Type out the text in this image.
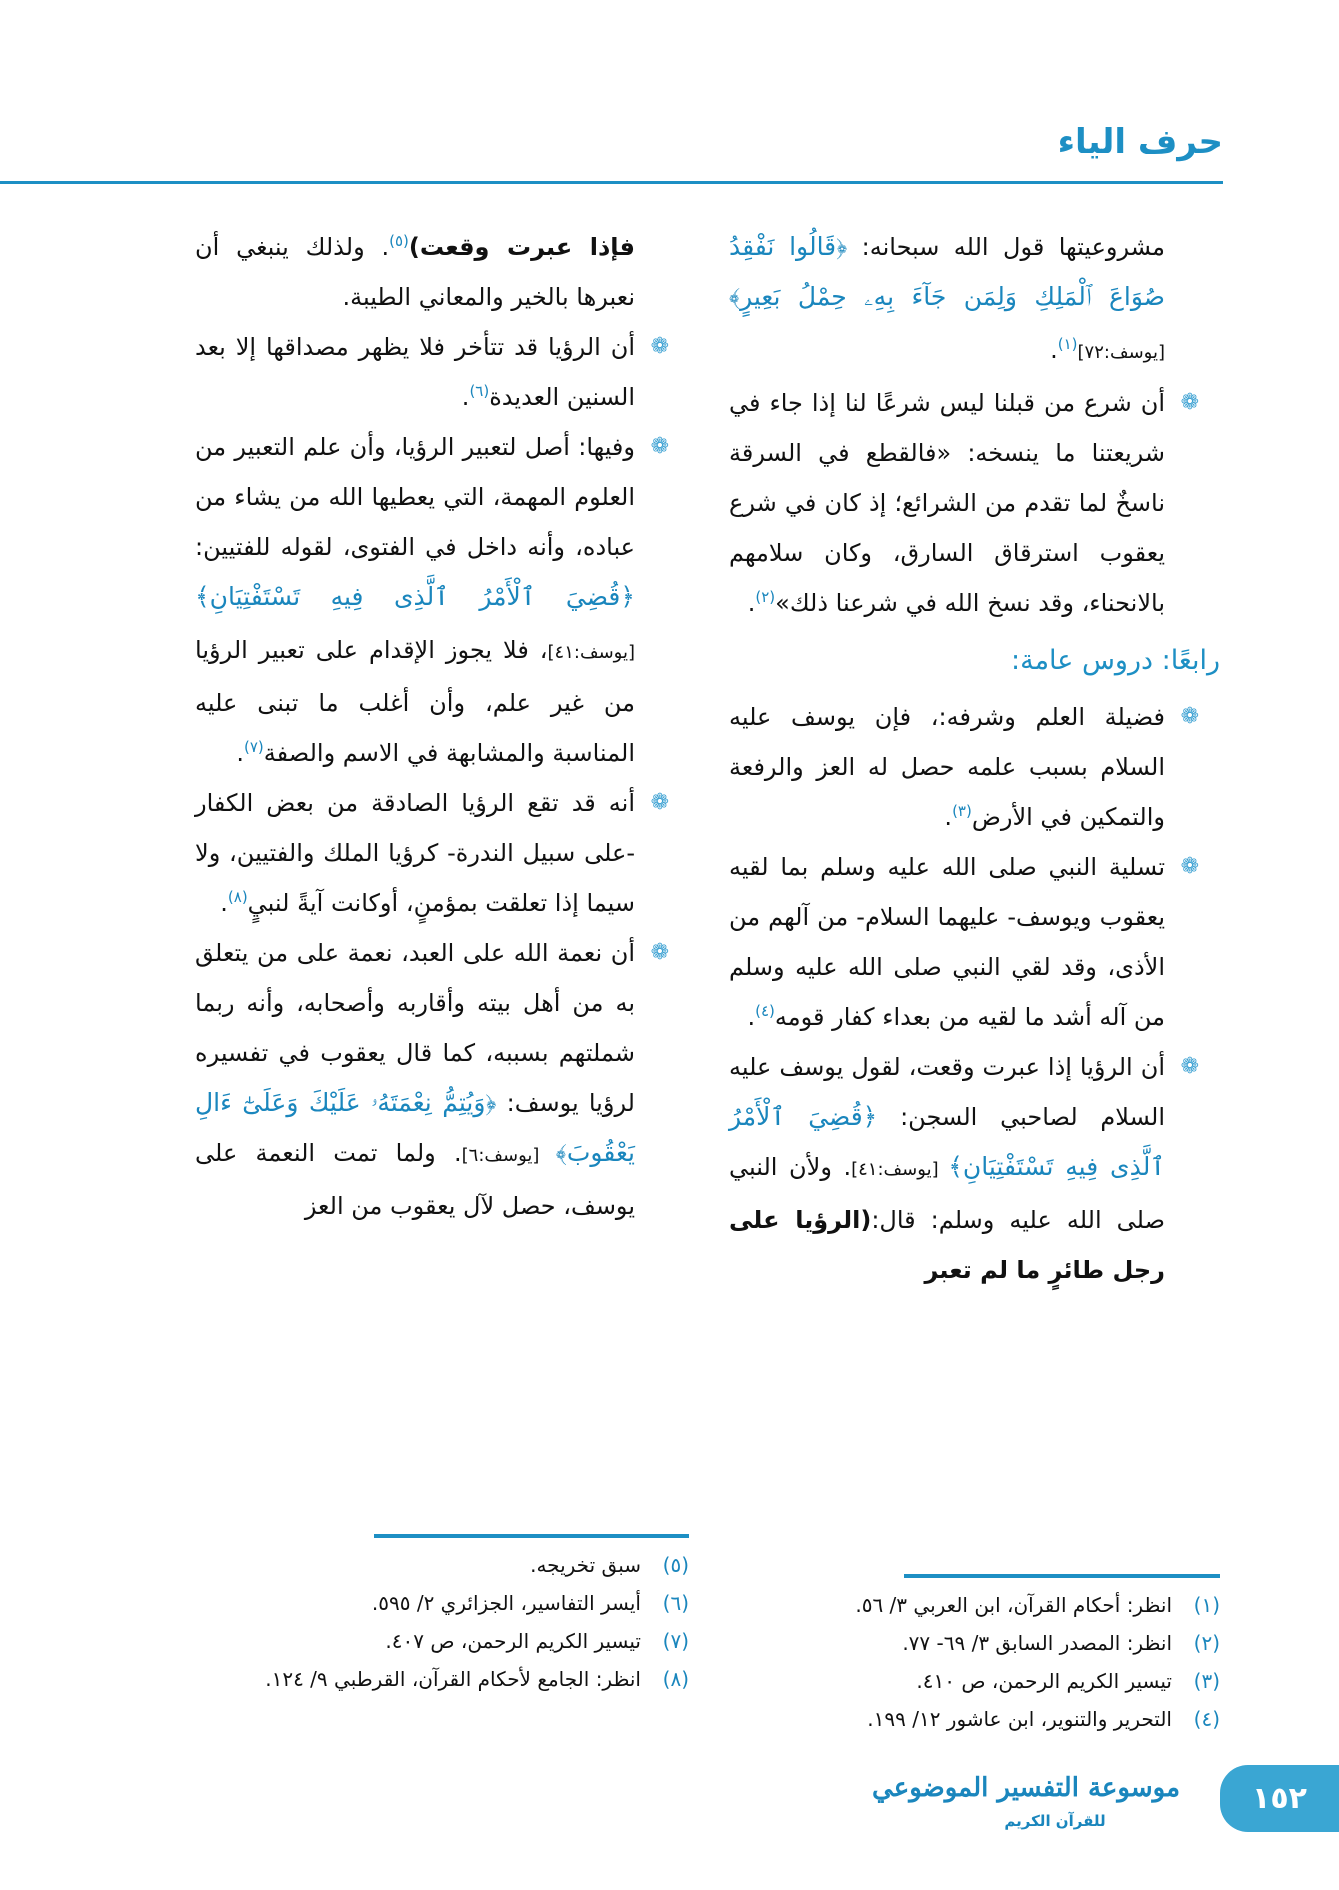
حرف الياء
مشروعيتها قول الله سبحانه: ﴿قَالُوا نَفْقِدُ صُوَاعَ ٱلْمَلِكِ وَلِمَن جَآءَ بِهِۦ حِمْلُ بَعِيرٍ﴾ [يوسف:٧٢]$^{(١)}$.
❁ أن شرع من قبلنا ليس شرعًا لنا إذا جاء في شريعتنا ما ينسخه: «فالقطع في السرقة ناسخٌ لما تقدم من الشرائع؛ إذ كان في شرع يعقوب استرقاق السارق، وكان سلامهم بالانحناء، وقد نسخ الله في شرعنا ذلك»$^{(٢)}$.
رابعًا: دروس عامة:
❁ فضيلة العلم وشرفه:، فإن يوسف عليه السلام بسبب علمه حصل له العز والرفعة والتمكين في الأرض$^{(٣)}$.
❁ تسلية النبي صلى الله عليه وسلم بما لقيه يعقوب ويوسف- عليهما السلام- من آلهم من الأذى، وقد لقي النبي صلى الله عليه وسلم من آله أشد ما لقيه من بعداء كفار قومه$^{(٤)}$.
❁ أن الرؤيا إذا عبرت وقعت، لقول يوسف عليه السلام لصاحبي السجن: ﴿قُضِيَ ٱلْأَمْرُ ٱلَّذِى فِيهِ تَسْتَفْتِيَانِ﴾ [يوسف:٤١]. ولأن النبي صلى الله عليه وسلم: قال:(الرؤيا على رجل طائرٍ ما لم تعبر
(١)
انظر: أحكام القرآن، ابن العربي ٣/ ٥٦.
(٢)
انظر: المصدر السابق ٣/ ٦٩- ٧٧.
(٣)
تيسير الكريم الرحمن، ص ٤١٠.
(٤)
التحرير والتنوير، ابن عاشور ١٢/ ١٩٩.
فإذا عبرت وقعت)$^{(٥)}$. ولذلك ينبغي أن نعبرها بالخير والمعاني الطيبة.
❁ أن الرؤيا قد تتأخر فلا يظهر مصداقها إلا بعد السنين العديدة$^{(٦)}$.
❁ وفيها: أصل لتعبير الرؤيا، وأن علم التعبير من العلوم المهمة، التي يعطيها الله من يشاء من عباده، وأنه داخل في الفتوى، لقوله للفتيين: ﴿قُضِيَ ٱلْأَمْرُ ٱلَّذِى فِيهِ تَسْتَفْتِيَانِ﴾ [يوسف:٤١]، فلا يجوز الإقدام على تعبير الرؤيا من غير علم، وأن أغلب ما تبنى عليه المناسبة والمشابهة في الاسم والصفة$^{(٧)}$.
❁ أنه قد تقع الرؤيا الصادقة من بعض الكفار -على سبيل الندرة- كرؤيا الملك والفتيين، ولا سيما إذا تعلقت بمؤمنٍ، أوكانت آيةً لنبيٍ$^{(٨)}$.
❁ أن نعمة الله على العبد، نعمة على من يتعلق به من أهل بيته وأقاربه وأصحابه، وأنه ربما شملتهم بسببه، كما قال يعقوب في تفسيره لرؤيا يوسف: ﴿وَيُتِمُّ نِعْمَتَهُۥ عَلَيْكَ وَعَلَىٰٓ ءَالِ يَعْقُوبَ﴾ [يوسف:٦]. ولما تمت النعمة على يوسف، حصل لآل يعقوب من العز
(٥)
سبق تخريجه.
(٦)
أيسر التفاسير، الجزائري ٢/ ٥٩٥.
(٧)
تيسير الكريم الرحمن، ص ٤٠٧.
(٨)
انظر: الجامع لأحكام القرآن، القرطبي ٩/ ١٢٤.
موسوعة التفسير الموضوعي
للقرآن الكريم
١٥٢
